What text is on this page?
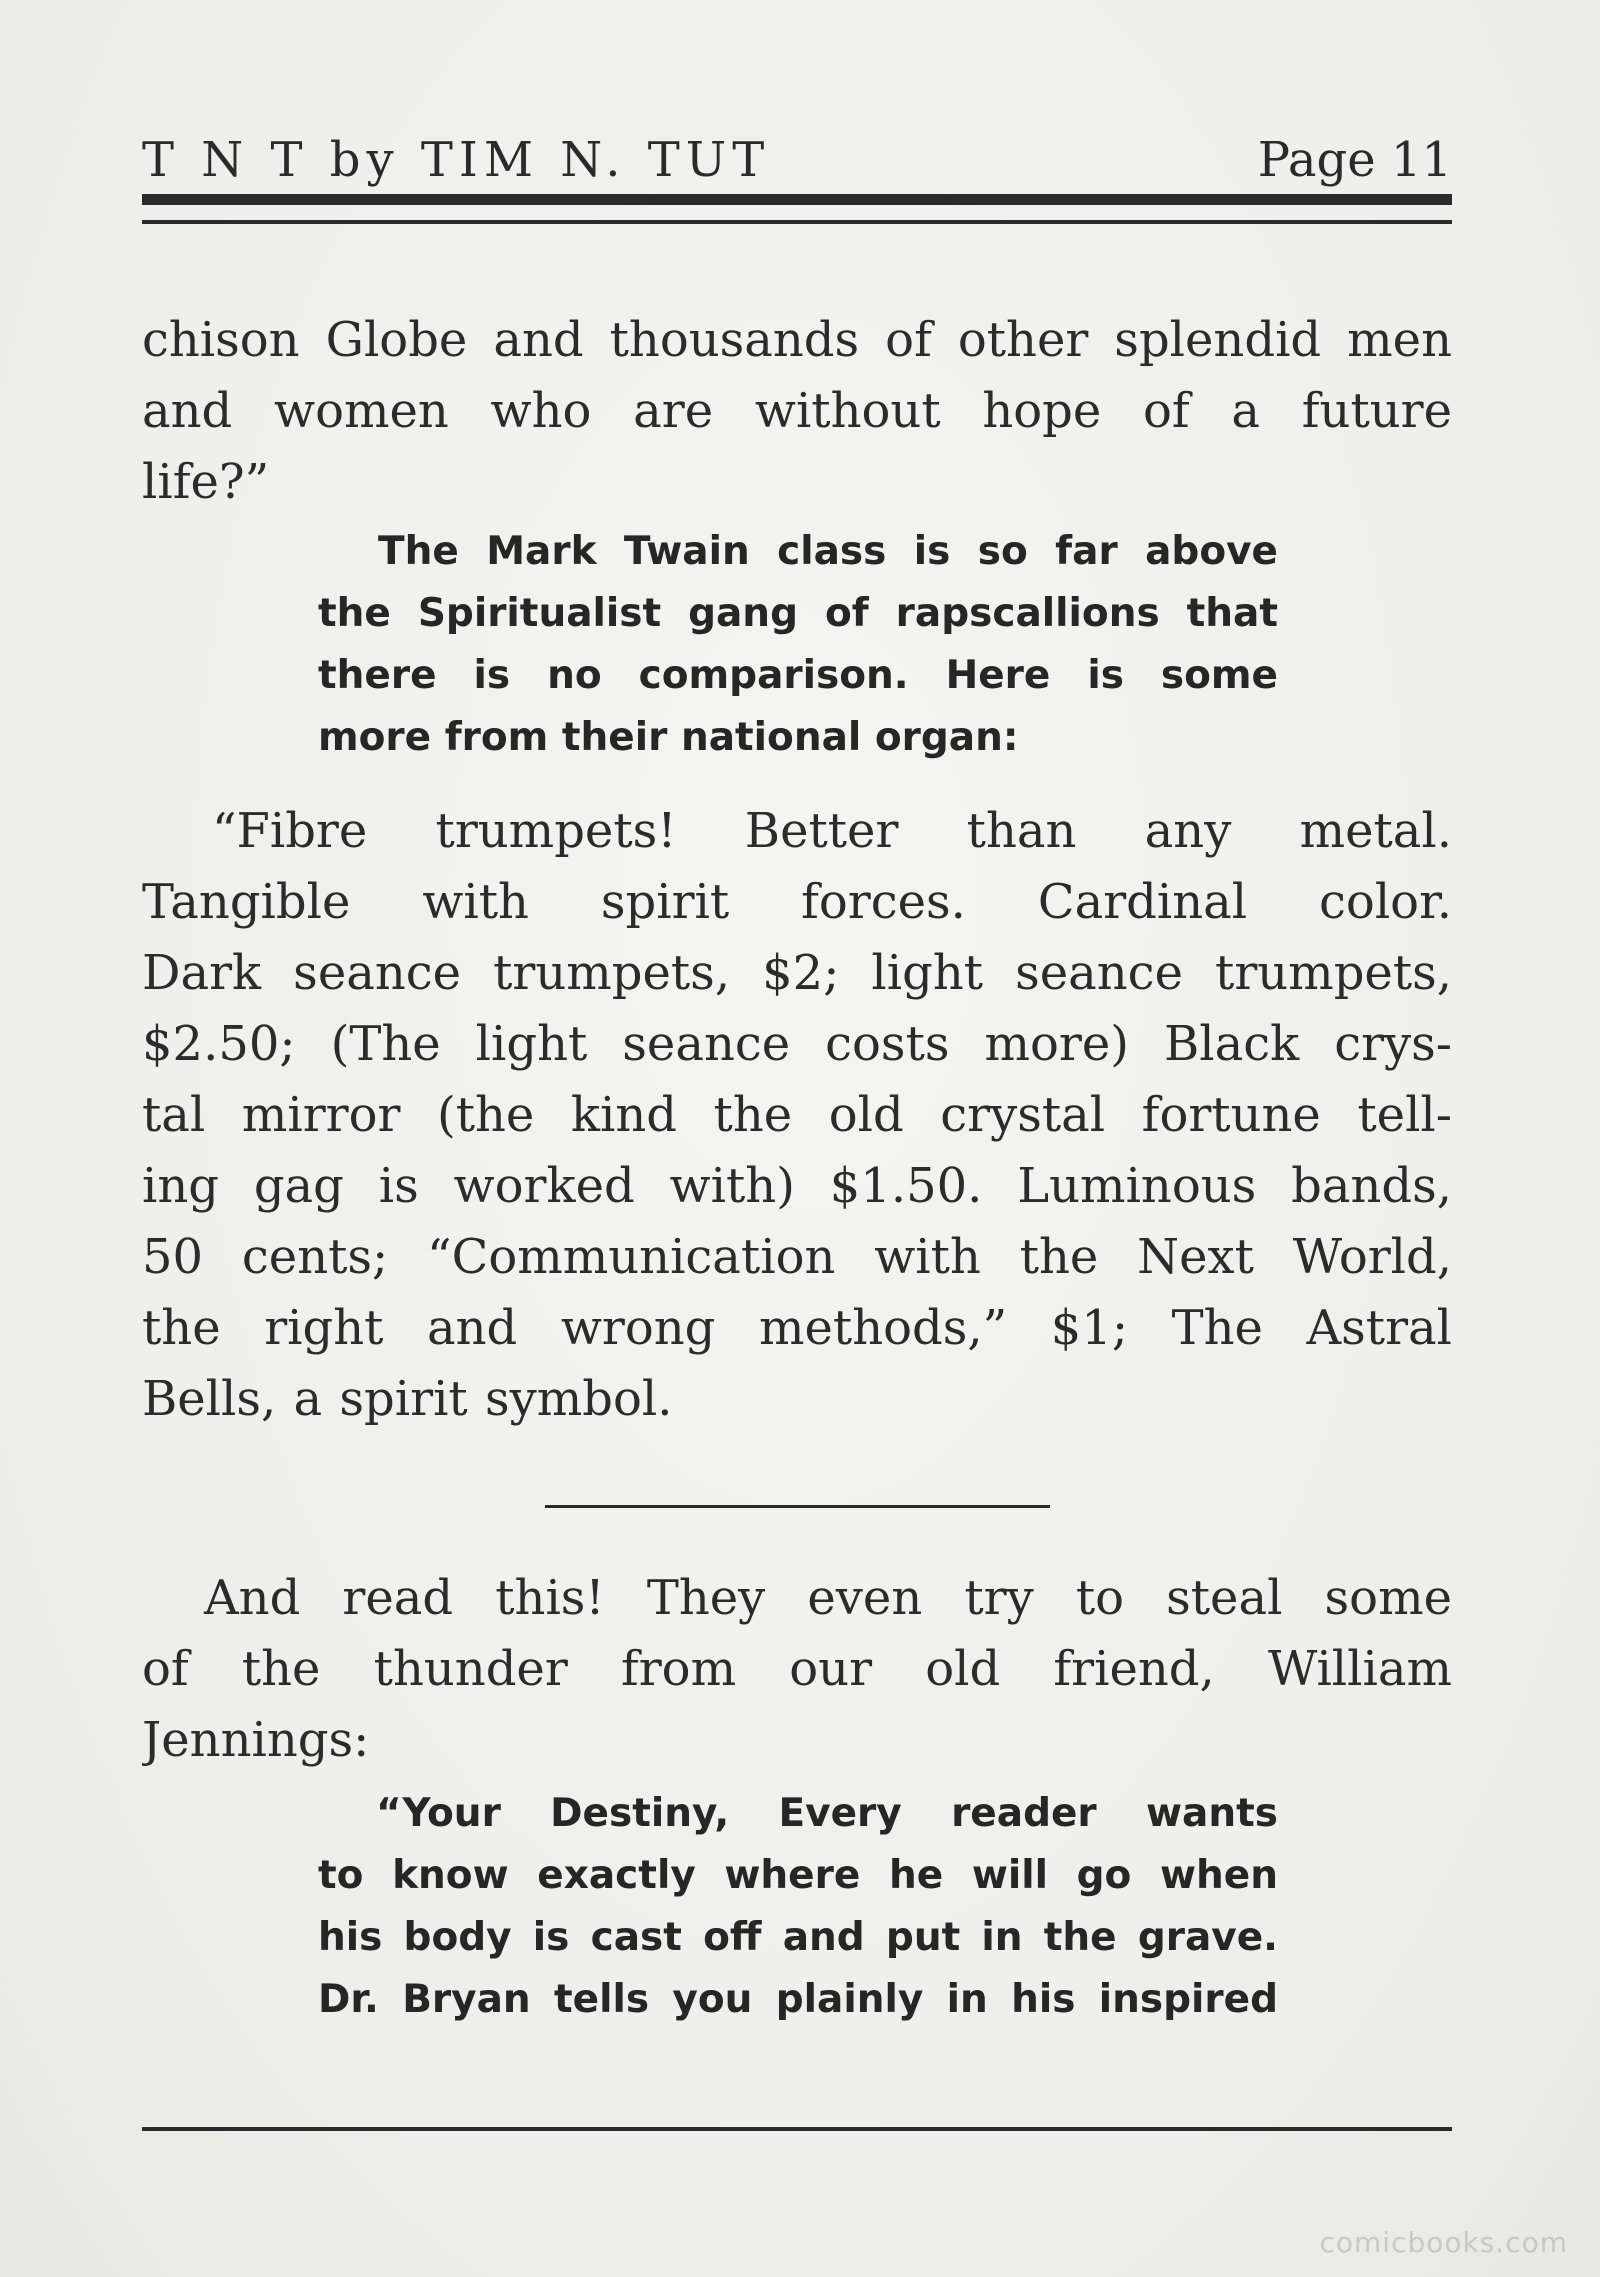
T N T by TIM N. TUT	Page 11
chison Globe and thousands of other splendid men
and women who are without hope of a future
life?”
The Mark Twain class is so far above
the Spiritualist gang of rapscallions that
there is no comparison. Here is some
more from their national organ:
“Fibre trumpets! Better than any metal.
Tangible with spirit forces. Cardinal color.
Dark seance trumpets, $2; light seance trumpets,
$2.50; (The light seance costs more) Black crys-
tal mirror (the kind the old crystal fortune tell-
ing gag is worked with) $1.50. Luminous bands,
50 cents; “Communication with the Next World,
the right and wrong methods,” $1; The Astral
Bells, a spirit symbol.
And read this! They even try to steal some
of the thunder from our old friend, William
Jennings:
“Your Destiny, Every reader wants
to know exactly where he will go when
his body is cast off and put in the grave.
Dr. Bryan tells you plainly in his inspired
comicbooks.com
